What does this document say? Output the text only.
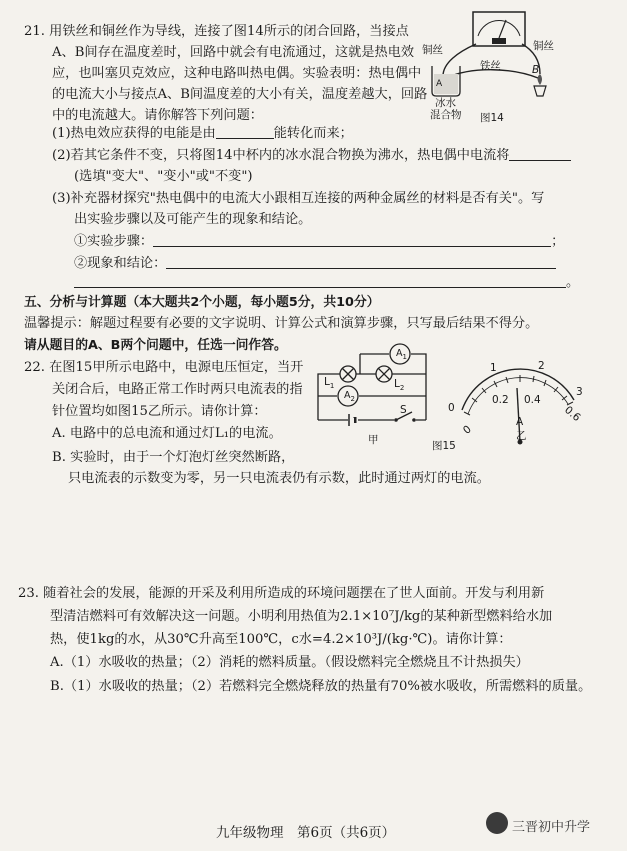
21. 用铁丝和铜丝作为导线，连接了图14所示的闭合回路，当接点
A、B间存在温度差时，回路中就会有电流通过，这就是热电效
应，也叫塞贝克效应，这种电路叫热电偶。实验表明：热电偶中
的电流大小与接点A、B间温度差的大小有关，温度差越大，回路
中的电流越大。请你解答下列问题：
铜丝	铜丝
铁丝
A
B
冰水
混合物 图14
(1)热电效应获得的电能是由	能转化而来；
(2)若其它条件不变，只将图14中杯内的冰水混合物换为沸水，热电偶中电流将
(选填"变大"、"变小"或"不变")
(3)补充器材探究"热电偶中的电流大小跟相互连接的两种金属丝的材料是否有关"。写
出实验步骤以及可能产生的现象和结论。
①实验步骤：	；
②现象和结论：
。
五、分析与计算题（本大题共2个小题，每小题5分，共10分）
温馨提示：解题过程要有必要的文字说明、计算公式和演算步骤，只写最后结果不得分。
请从题目的A、B两个问题中，任选一问作答。
22. 在图15甲所示电路中，电源电压恒定，当开
关闭合后，电路正常工作时两只电流表的指
针位置均如图15乙所示。请你计算：
A. 电路中的总电流和通过灯L₁的电流。
B. 实验时，由于一个灯泡灯丝突然断路，
只电流表的示数变为零，另一只电流表仍有示数，此时通过两灯的电流。
$A_1$
$A_2$
$L_1$	$L_2$
S
甲	图15
0
1	2
3
0
0.2 0.4
0.6
A
乙
23. 随着社会的发展，能源的开采及利用所造成的环境问题摆在了世人面前。开发与利用新
型清洁燃料可有效解决这一问题。小明利用热值为2.1×10⁷J/kg的某种新型燃料给水加
热，使1kg的水，从30℃升高至100℃，c水=4.2×10³J/(kg·℃)。请你计算：
A.（1）水吸收的热量；（2）消耗的燃料质量。（假设燃料完全燃烧且不计热损失）
B.（1）水吸收的热量；（2）若燃料完全燃烧释放的热量有70%被水吸收，所需燃料的质量。
九年级物理　第6页（共6页）	三晋初中升学
